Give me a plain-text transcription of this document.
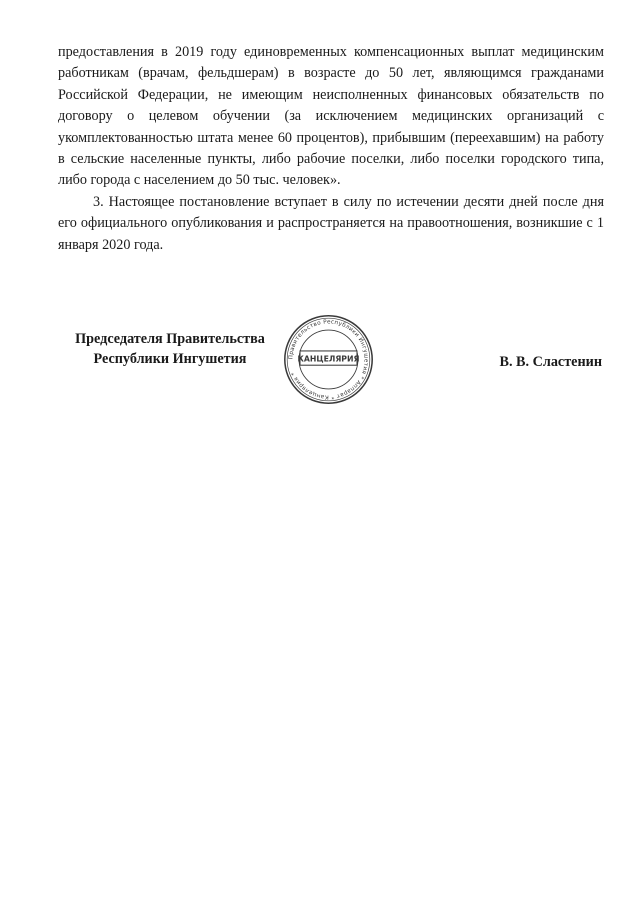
предоставления в 2019 году единовременных компенсационных выплат медицинским работникам (врачам, фельдшерам) в возрасте до 50 лет, являющимся гражданами Российской Федерации, не имеющим неисполненных финансовых обязательств по договору о целевом обучении (за исключением медицинских организаций с укомплектованностью штата менее 60 процентов), прибывшим (переехавшим) на работу в сельские населенные пункты, либо рабочие поселки, либо поселки городского типа, либо города с населением до 50 тыс. человек».

3. Настоящее постановление вступает в силу по истечении десяти дней после дня его официального опубликования и распространяется на правоотношения, возникшие с 1 января 2020 года.

Председателя Правительства
Республики Ингушетия	Правительство Республики Ингушетия * Аппарат * Канцелярия *
КАНЦЕЛЯРИЯ	В. В. Сластенин
